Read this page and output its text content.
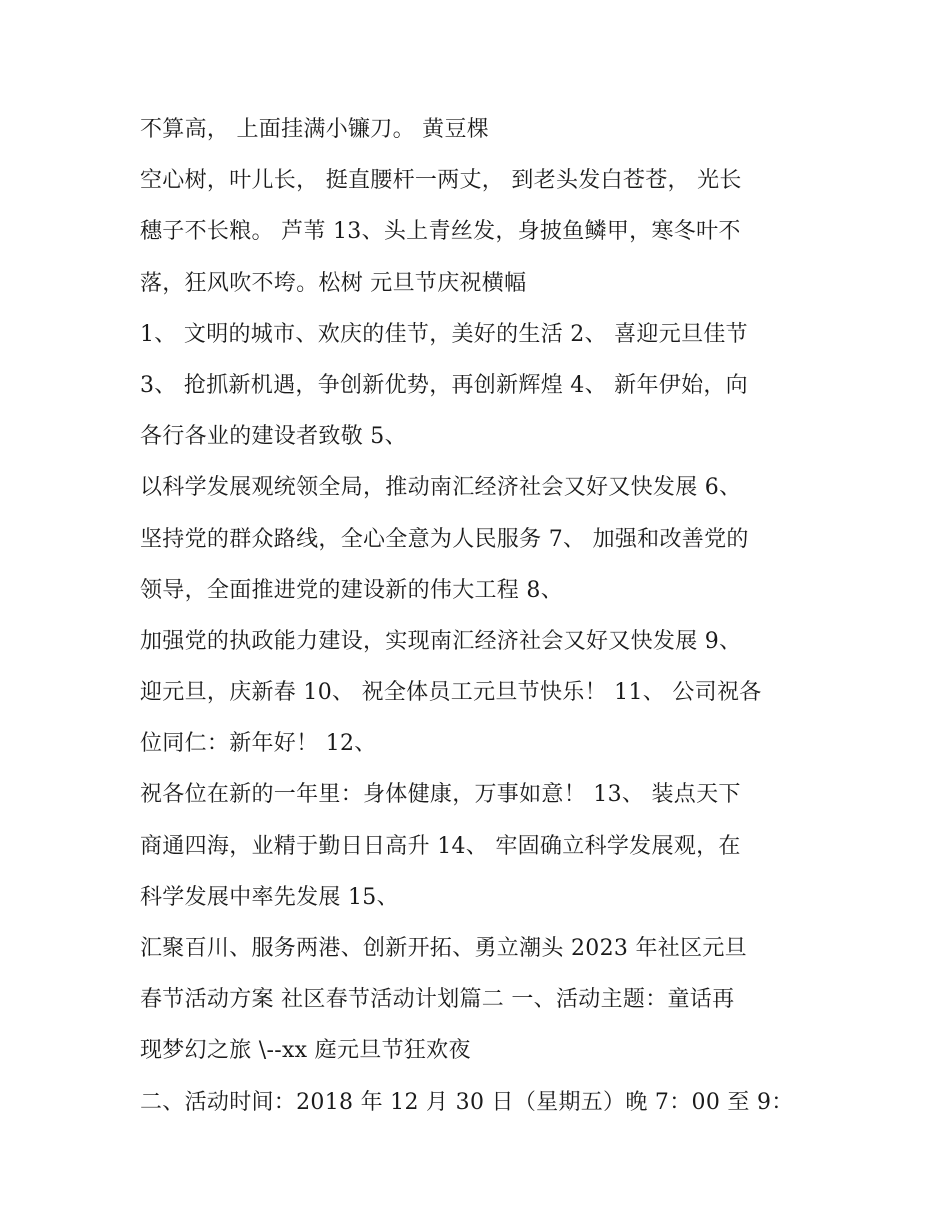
不算高， 上面挂满小镰刀。 黄豆棵
空心树，叶儿长， 挺直腰杆一两丈， 到老头发白苍苍， 光长
穗子不长粮。 芦苇 13、头上青丝发，身披鱼鳞甲，寒冬叶不
落，狂风吹不垮。松树 元旦节庆祝横幅
1、 文明的城市、欢庆的佳节，美好的生活 2、 喜迎元旦佳节
3、 抢抓新机遇，争创新优势，再创新辉煌 4、 新年伊始，向
各行各业的建设者致敬 5、
以科学发展观统领全局，推动南汇经济社会又好又快发展 6、
坚持党的群众路线，全心全意为人民服务 7、 加强和改善党的
领导，全面推进党的建设新的伟大工程 8、
加强党的执政能力建设，实现南汇经济社会又好又快发展 9、
迎元旦，庆新春 10、 祝全体员工元旦节快乐！ 11、 公司祝各
位同仁：新年好！ 12、
祝各位在新的一年里：身体健康，万事如意！ 13、 装点天下
商通四海，业精于勤日日高升 14、 牢固确立科学发展观，在
科学发展中率先发展 15、
汇聚百川、服务两港、创新开拓、勇立潮头 2023 年社区元旦
春节活动方案 社区春节活动计划篇二 一、活动主题：童话再
现梦幻之旅 \--xx 庭元旦节狂欢夜
二、活动时间：2018 年 12 月 30 日（星期五）晚 7：00 至 9：
